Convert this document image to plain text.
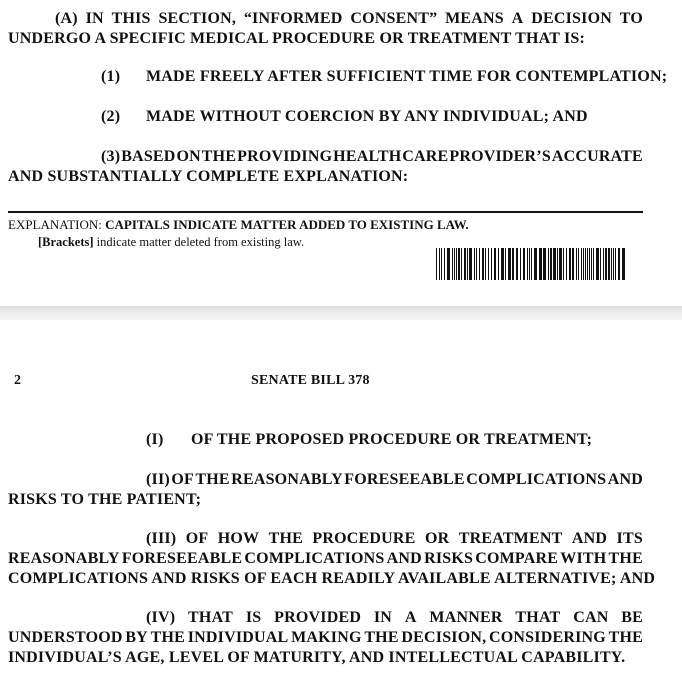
(A) IN THIS SECTION, “INFORMED CONSENT” MEANS A DECISION TO
UNDERGO A SPECIFIC MEDICAL PROCEDURE OR TREATMENT THAT IS:
(1) MADE FREELY AFTER SUFFICIENT TIME FOR CONTEMPLATION;
(2) MADE WITHOUT COERCION BY ANY INDIVIDUAL; AND
(3) BASED ON THE PROVIDING HEALTH CARE PROVIDER’S ACCURATE
AND SUBSTANTIALLY COMPLETE EXPLANATION:
EXPLANATION: CAPITALS INDICATE MATTER ADDED TO EXISTING LAW.
[Brackets] indicate matter deleted from existing law.
2	SENATE BILL 378
(I) OF THE PROPOSED PROCEDURE OR TREATMENT;
(II) OF THE REASONABLY FORESEEABLE COMPLICATIONS AND
RISKS TO THE PATIENT;
(III) OF HOW THE PROCEDURE OR TREATMENT AND ITS
REASONABLY FORESEEABLE COMPLICATIONS AND RISKS COMPARE WITH THE
COMPLICATIONS AND RISKS OF EACH READILY AVAILABLE ALTERNATIVE; AND
(IV) THAT IS PROVIDED IN A MANNER THAT CAN BE
UNDERSTOOD BY THE INDIVIDUAL MAKING THE DECISION, CONSIDERING THE
INDIVIDUAL’S AGE, LEVEL OF MATURITY, AND INTELLECTUAL CAPABILITY.
